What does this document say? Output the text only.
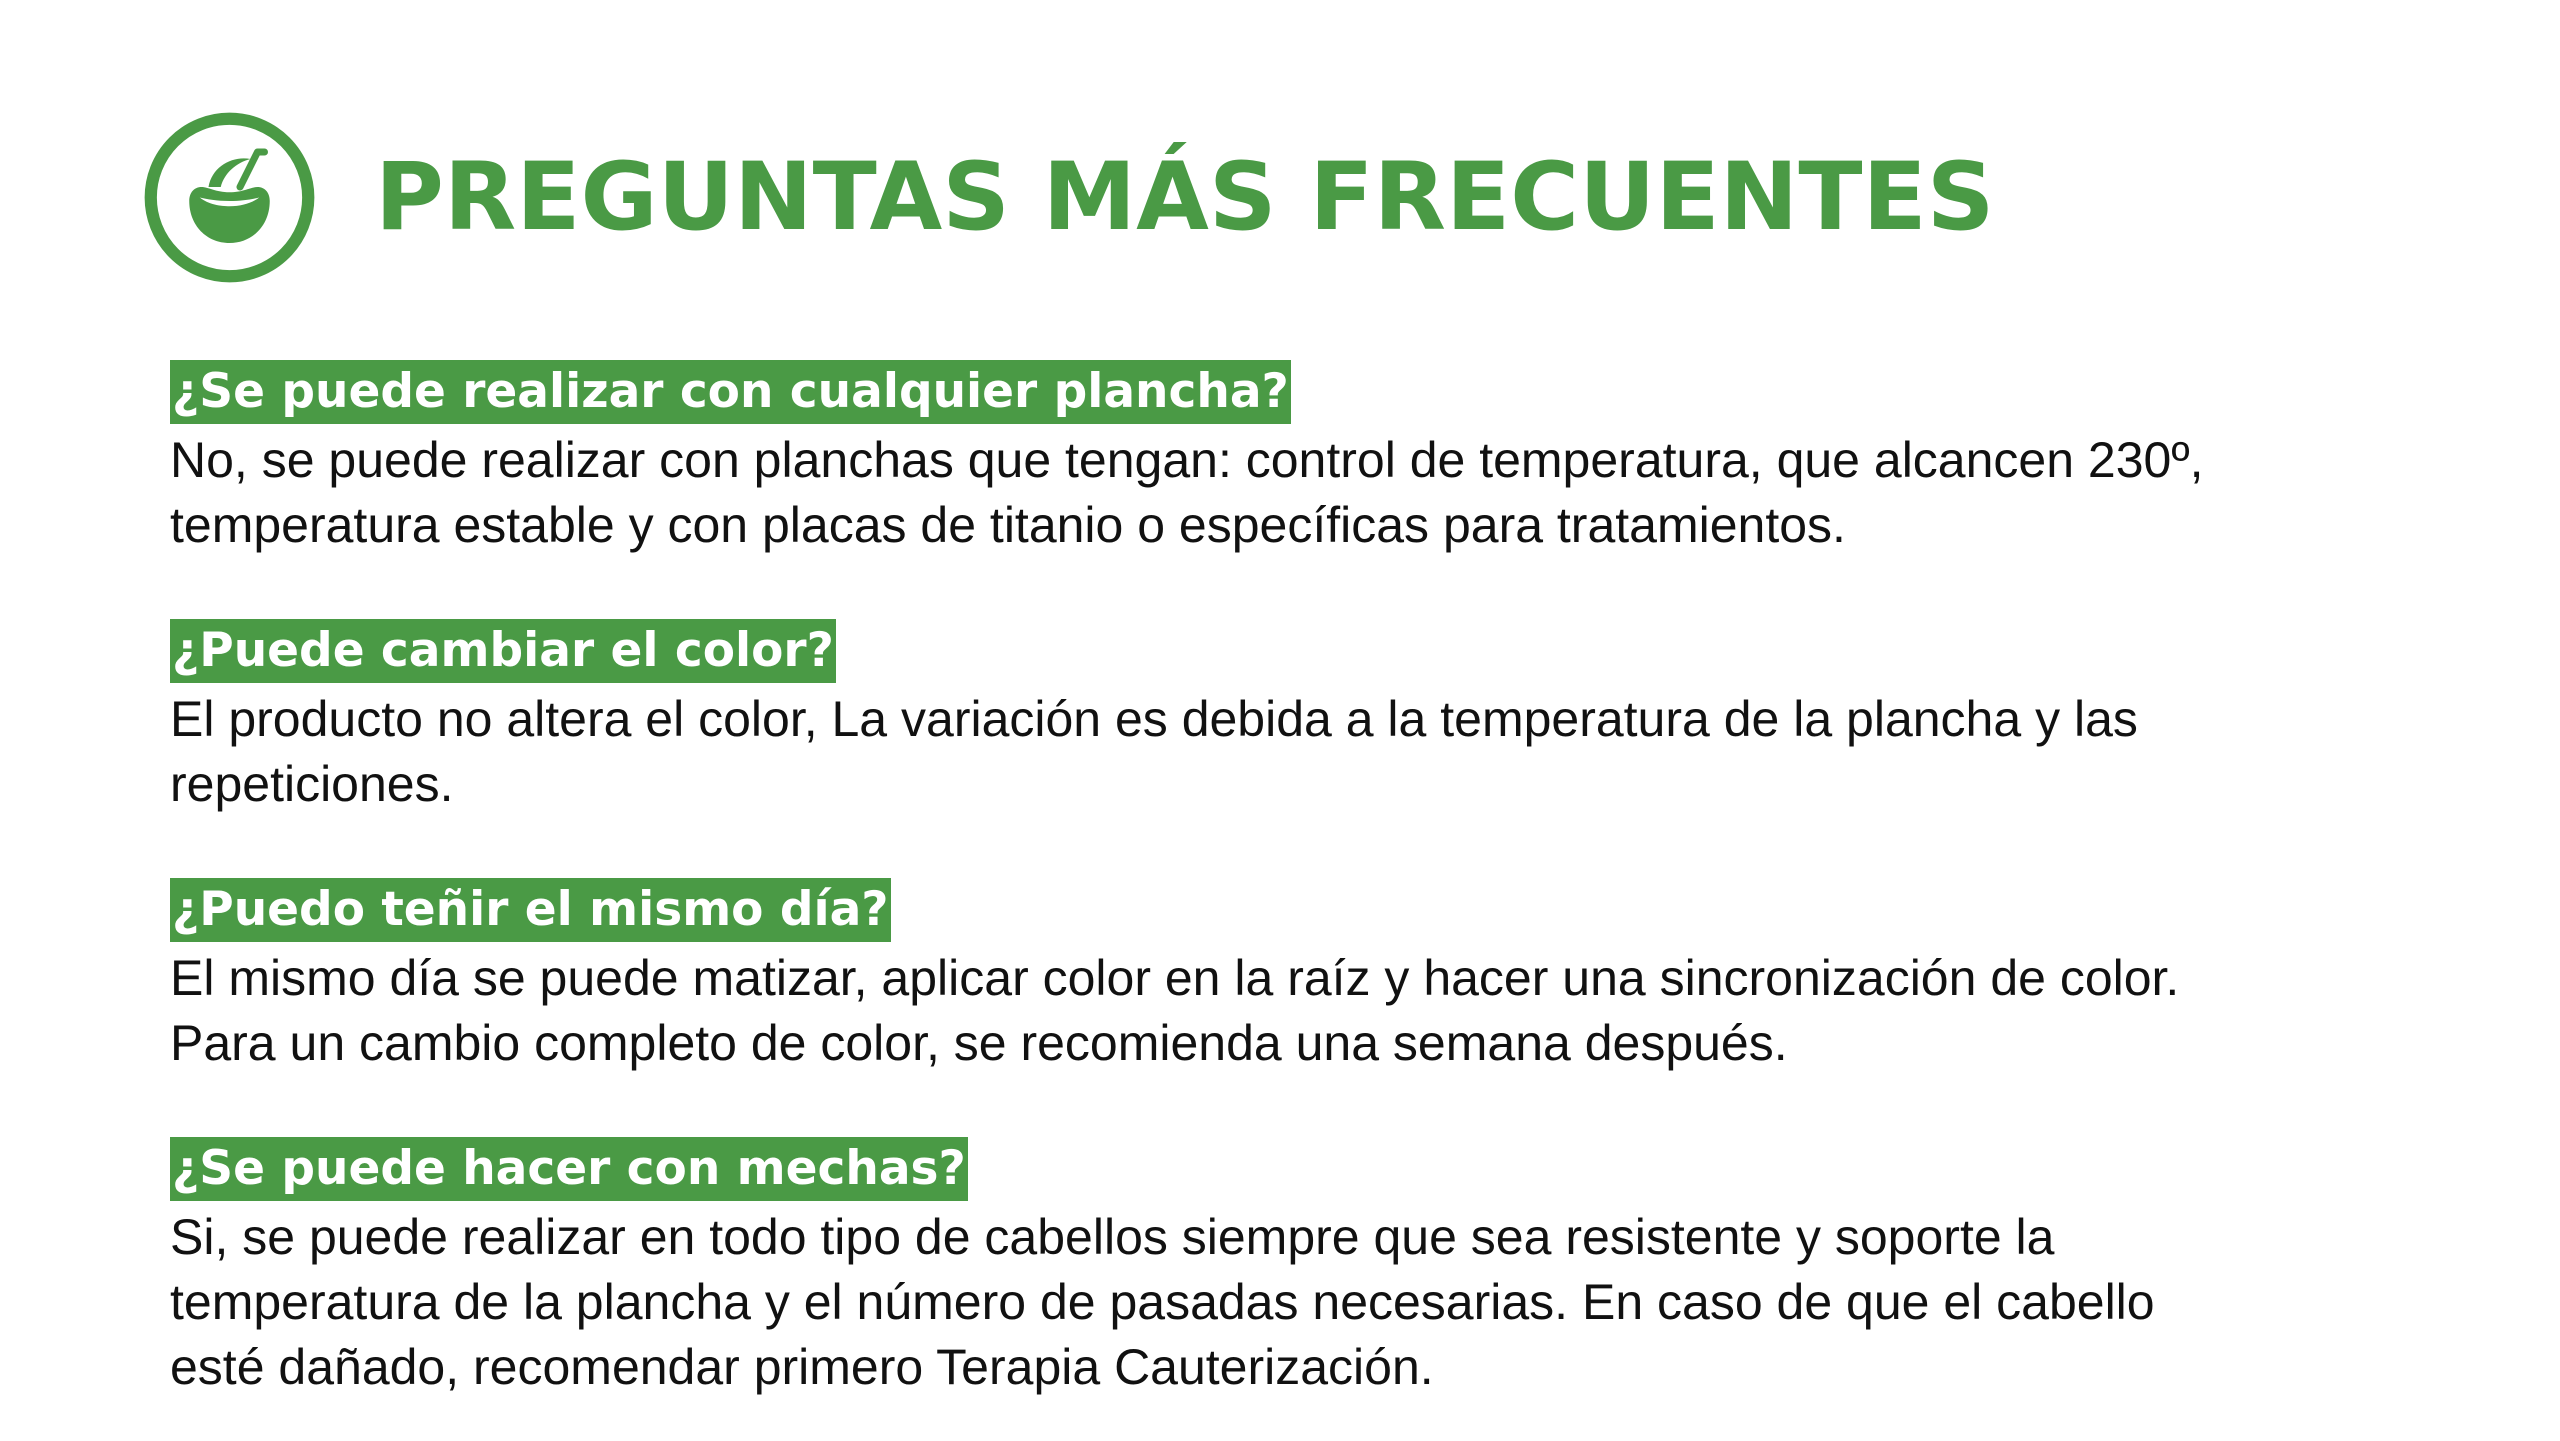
PREGUNTAS MÁS FRECUENTES
¿Se puede realizar con cualquier plancha?
No, se puede realizar con planchas que tengan: control de temperatura, que alcancen 230º,
temperatura estable y con placas de titanio o específicas para tratamientos.
¿Puede cambiar el color?
El producto no altera el color, La variación es debida a la temperatura de la plancha y las
repeticiones.
¿Puedo teñir el mismo día?
El mismo día se puede matizar, aplicar color en la raíz y hacer una sincronización de color.
Para un cambio completo de color, se recomienda una semana después.
¿Se puede hacer con mechas?
Si, se puede realizar en todo tipo de cabellos siempre que sea resistente y soporte la
temperatura de la plancha y el número de pasadas necesarias. En caso de que el cabello
esté dañado, recomendar primero Terapia Cauterización.
